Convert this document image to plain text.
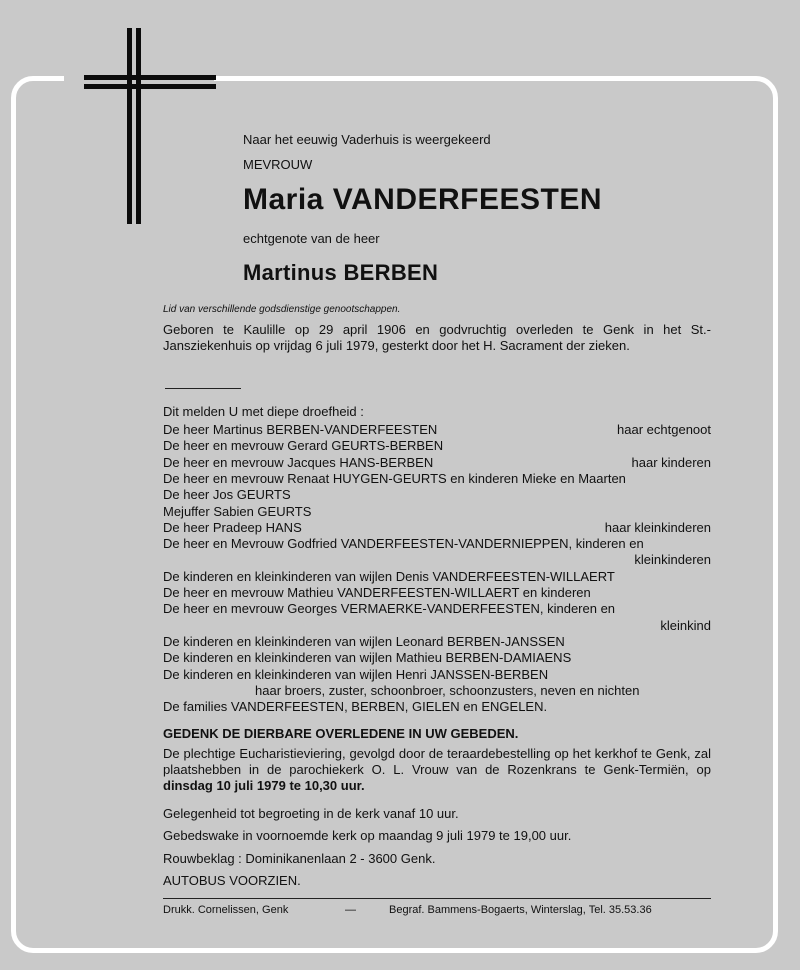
Naar het eeuwig Vaderhuis is weergekeerd
MEVROUW
Maria VANDERFEESTEN
echtgenote van de heer
Martinus BERBEN
Lid van verschillende godsdienstige genootschappen.
Geboren te Kaulille op 29 april 1906 en godvruchtig overleden te Genk in het St.-Jansziekenhuis op vrijdag 6 juli 1979, gesterkt door het H. Sacrament der zieken.
Dit melden U met diepe droefheid :
De heer Martinus BERBEN-VANDERFEESTEN	haar echtgenoot
De heer en mevrouw Gerard GEURTS-BERBEN
De heer en mevrouw Jacques HANS-BERBEN	haar kinderen
De heer en mevrouw Renaat HUYGEN-GEURTS en kinderen Mieke en Maarten
De heer Jos GEURTS
Mejuffer Sabien GEURTS
De heer Pradeep HANS	haar kleinkinderen
De heer en Mevrouw Godfried VANDERFEESTEN-VANDERNIEPPEN, kinderen en
kleinkinderen
De kinderen en kleinkinderen van wijlen Denis VANDERFEESTEN-WILLAERT
De heer en mevrouw Mathieu VANDERFEESTEN-WILLAERT en kinderen
De heer en mevrouw Georges VERMAERKE-VANDERFEESTEN, kinderen en
kleinkind
De kinderen en kleinkinderen van wijlen Leonard BERBEN-JANSSEN
De kinderen en kleinkinderen van wijlen Mathieu BERBEN-DAMIAENS
De kinderen en kleinkinderen van wijlen Henri JANSSEN-BERBEN
haar broers, zuster, schoonbroer, schoonzusters, neven en nichten
De families VANDERFEESTEN, BERBEN, GIELEN en ENGELEN.
GEDENK DE DIERBARE OVERLEDENE IN UW GEBEDEN.
De plechtige Eucharistieviering, gevolgd door de teraardebestelling op het kerkhof te Genk, zal plaatshebben in de parochiekerk O. L. Vrouw van de Rozenkrans te Genk-Termiën, op dinsdag 10 juli 1979 te 10,30 uur.
Gelegenheid tot begroeting in de kerk vanaf 10 uur.
Gebedswake in voornoemde kerk op maandag 9 juli 1979 te 19,00 uur.
Rouwbeklag : Dominikanenlaan 2 - 3600 Genk.
AUTOBUS VOORZIEN.
Drukk. Cornelissen, Genk	—	Begraf. Bammens-Bogaerts, Winterslag, Tel. 35.53.36
